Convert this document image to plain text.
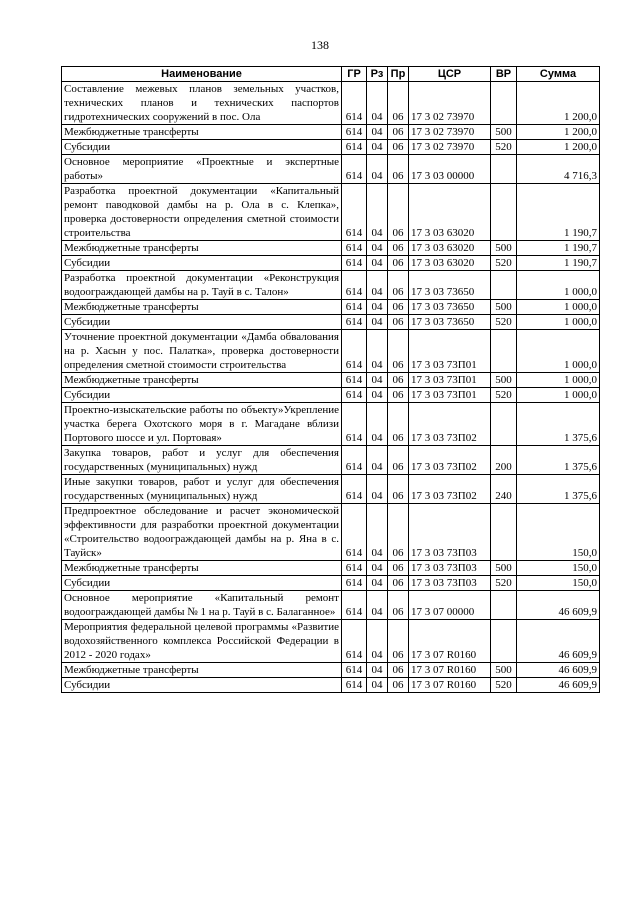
138
Наименование	ГР	Рз	Пр	ЦСР	ВР	Сумма
Составление межевых планов земельных участков, технических планов и технических паспортов гидротехнических сооружений в пос. Ола	614	04	06	17 3 02 73970		1 200,0
Межбюджетные трансферты	614	04	06	17 3 02 73970	500	1 200,0
Субсидии	614	04	06	17 3 02 73970	520	1 200,0
Основное мероприятие «Проектные и экспертные работы»	614	04	06	17 3 03 00000		4 716,3
Разработка проектной документации «Капитальный ремонт паводковой дамбы на р. Ола в с. Клепка», проверка достоверности определения сметной стоимости строительства	614	04	06	17 3 03 63020		1 190,7
Межбюджетные трансферты	614	04	06	17 3 03 63020	500	1 190,7
Субсидии	614	04	06	17 3 03 63020	520	1 190,7
Разработка проектной документации «Реконструкция водоограждающей дамбы на р. Тауй в с. Талон»	614	04	06	17 3 03 73650		1 000,0
Межбюджетные трансферты	614	04	06	17 3 03 73650	500	1 000,0
Субсидии	614	04	06	17 3 03 73650	520	1 000,0
Уточнение проектной документации «Дамба обвалования на р. Хасын у пос. Палатка», проверка достоверности определения сметной стоимости строительства	614	04	06	17 3 03 73П01		1 000,0
Межбюджетные трансферты	614	04	06	17 3 03 73П01	500	1 000,0
Субсидии	614	04	06	17 3 03 73П01	520	1 000,0
Проектно-изыскательские работы по объекту»Укрепление участка берега Охотского моря в г. Магадане вблизи Портового шоссе и ул. Портовая»	614	04	06	17 3 03 73П02		1 375,6
Закупка товаров, работ и услуг для обеспечения государственных (муниципальных) нужд	614	04	06	17 3 03 73П02	200	1 375,6
Иные закупки товаров, работ и услуг для обеспечения государственных (муниципальных) нужд	614	04	06	17 3 03 73П02	240	1 375,6
Предпроектное обследование и расчет экономической эффективности для разработки проектной документации «Строительство водоограждающей дамбы на р. Яна в с. Тауйск»	614	04	06	17 3 03 73П03		150,0
Межбюджетные трансферты	614	04	06	17 3 03 73П03	500	150,0
Субсидии	614	04	06	17 3 03 73П03	520	150,0
Основное мероприятие «Капитальный ремонт водоограждающей дамбы № 1 на р. Тауй в с. Балаганное»	614	04	06	17 3 07 00000		46 609,9
Мероприятия федеральной целевой программы «Развитие водохозяйственного комплекса Российской Федерации в 2012 - 2020 годах»	614	04	06	17 3 07 R0160		46 609,9
Межбюджетные трансферты	614	04	06	17 3 07 R0160	500	46 609,9
Субсидии	614	04	06	17 3 07 R0160	520	46 609,9
